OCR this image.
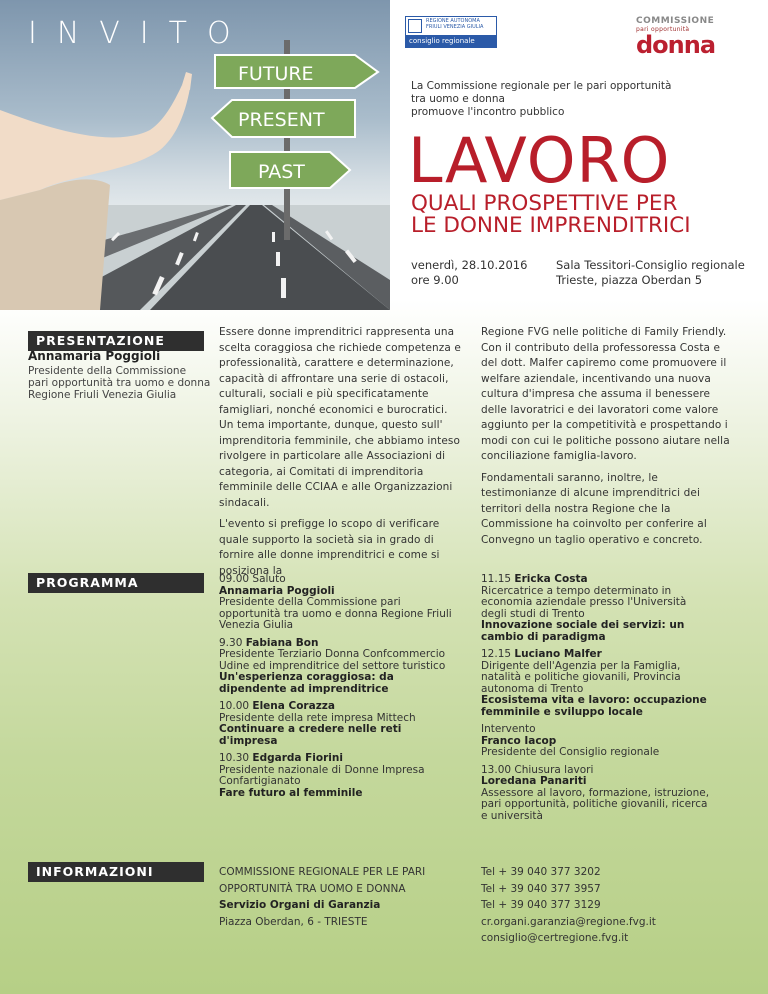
FUTURE
PRESENT
PAST
INVITO	REGIONE AUTONOMA FRIULI VENEZIA GIULIA
consiglio regionale
COMMISSIONE
pari opportunità
donna
La Commissione regionale per le pari opportunità
tra uomo e donna
promuove l'incontro pubblico
LAVORO
QUALI PROSPETTIVE PER
LE DONNE IMPRENDITRICI
venerdì, 28.10.2016
ore 9.00
Sala Tessitori-Consiglio regionale
Trieste, piazza Oberdan 5
PRESENTAZIONE
Annamaria Poggioli
Presidente della Commissione
pari opportunità tra uomo e donna
Regione Friuli Venezia Giulia

Essere donne imprenditrici rappresenta una scelta coraggiosa che richiede competenza e professionalità, carattere e determinazione, capacità di affrontare una serie di ostacoli, culturali, sociali e più specificatamente famigliari, nonché economici e burocratici. Un tema importante, dunque, questo sull' imprenditoria femminile, che abbiamo inteso rivolgere in particolare alle Associazioni di categoria, ai Comitati di imprenditoria femminile delle CCIAA e alle Organizzazioni sindacali.

L'evento si prefigge lo scopo di verificare quale supporto la società sia in grado di fornire alle donne imprenditrici e come si posiziona la

Regione FVG nelle politiche di Family Friendly. Con il contributo della professoressa Costa e del dott. Malfer capiremo come promuovere il welfare aziendale, incentivando una nuova cultura d'impresa che assuma il benessere delle lavoratrici e dei lavoratori come valore aggiunto per la competitività e prospettando i modi con cui le politiche possono aiutare nella conciliazione famiglia-lavoro.

Fondamentali saranno, inoltre, le testimonianze di alcune imprenditrici dei territori della nostra Regione che la Commissione ha coinvolto per conferire al Convegno un taglio operativo e concreto.

PROGRAMMA	09.00 Saluto
Annamaria Poggioli
Presidente della Commissione pari opportunità tra uomo e donna Regione Friuli Venezia Giulia
9.30 Fabiana Bon
Presidente Terziario Donna Confcommercio Udine ed imprenditrice del settore turistico
Un'esperienza coraggiosa: da dipendente ad imprenditrice
10.00 Elena Corazza
Presidente della rete impresa Mittech
Continuare a credere nelle reti d'impresa
10.30 Edgarda Fiorini
Presidente nazionale di Donne Impresa Confartigianato
Fare futuro al femminile
11.15 Ericka Costa
Ricercatrice a tempo determinato in economia aziendale presso l'Università degli studi di Trento
Innovazione sociale dei servizi: un cambio di paradigma
12.15 Luciano Malfer
Dirigente dell'Agenzia per la Famiglia, natalità e politiche giovanili, Provincia autonoma di Trento
Ecosistema vita e lavoro: occupazione femminile e sviluppo locale
Intervento
Franco Iacop
Presidente del Consiglio regionale
13.00 Chiusura lavori
Loredana Panariti
Assessore al lavoro, formazione, istruzione, pari opportunità, politiche giovanili, ricerca e università
INFORMAZIONI	COMMISSIONE REGIONALE PER LE PARI
OPPORTUNITÀ TRA UOMO E DONNA
Servizio Organi di Garanzia
Piazza Oberdan, 6 - TRIESTE
Tel + 39 040 377 3202
Tel + 39 040 377 3957
Tel + 39 040 377 3129
cr.organi.garanzia@regione.fvg.it
consiglio@certregione.fvg.it
